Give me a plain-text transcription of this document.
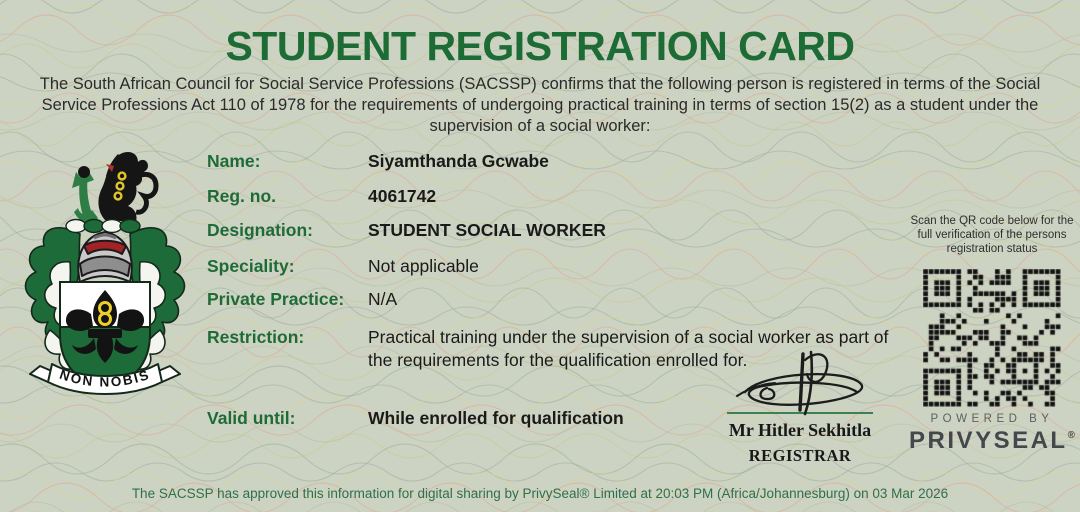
STUDENT REGISTRATION CARD
The South African Council for Social Service Professions (SACSSP) confirms that the following person is registered in terms of the Social Service Professions Act 110 of 1978 for the requirements of undergoing practical training in terms of section 15(2) as a student under the supervision of a social worker:
NON NOBIS
Name:	Siyamthanda Gcwabe
Reg. no.	4061742
Designation:	STUDENT SOCIAL WORKER
Speciality:	Not applicable
Private Practice:	N/A
Restriction:	Practical training under the supervision of a social worker as part of the requirements for the qualification enrolled for.
Valid until:	While enrolled for qualification
Mr Hitler Sekhitla
REGISTRAR
Scan the QR code below for the full verification of the persons registration status
POWERED BY
PRIVYSEAL®
The SACSSP has approved this information for digital sharing by PrivySeal® Limited at 20:03 PM (Africa/Johannesburg) on 03 Mar 2026
